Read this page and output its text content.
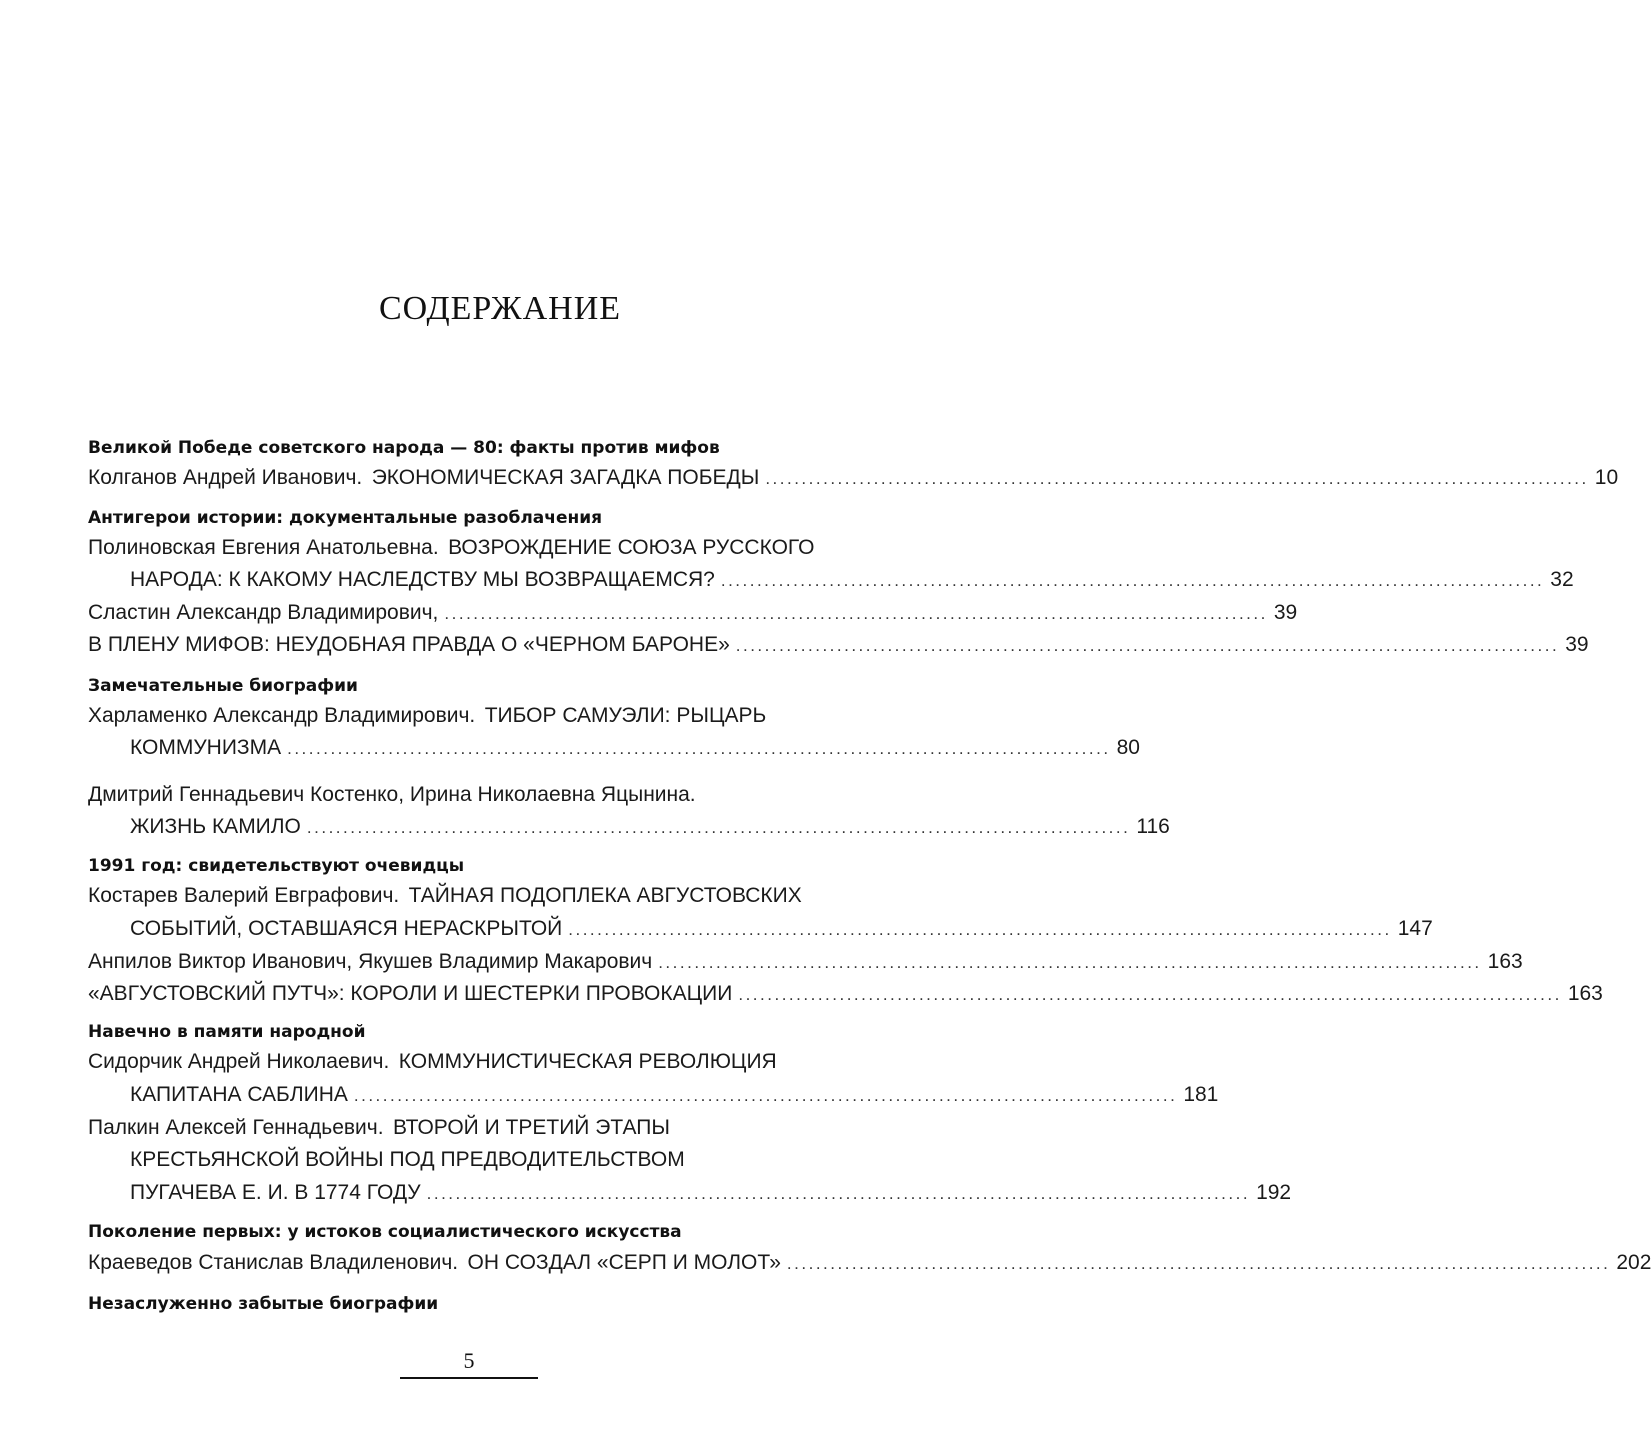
СОДЕРЖАНИЕ
Великой Победе советского народа — 80: факты против мифов
Колганов Андрей Иванович. ЭКОНОМИЧЕСКАЯ ЗАГАДКА ПОБЕДЫ .................................................................................................................. 10
Антигерои истории: документальные разоблачения
Полиновская Евгения Анатольевна. ВОЗРОЖДЕНИЕ СОЮЗА РУССКОГО
НАРОДА: К КАКОМУ НАСЛЕДСТВУ МЫ ВОЗВРАЩАЕМСЯ? .................................................................................................................. 32
Сластин Александр Владимирович, .................................................................................................................. 39
В ПЛЕНУ МИФОВ: НЕУДОБНАЯ ПРАВДА О «ЧЕРНОМ БАРОНЕ» .................................................................................................................. 39
Замечательные биографии
Харламенко Александр Владимирович. ТИБОР САМУЭЛИ: РЫЦАРЬ
КОММУНИЗМА .................................................................................................................. 80
Дмитрий Геннадьевич Костенко, Ирина Николаевна Яцынина.
ЖИЗНЬ КАМИЛО .................................................................................................................. 116
1991 год: свидетельствуют очевидцы
Костарев Валерий Евграфович. ТАЙНАЯ ПОДОПЛЕКА АВГУСТОВСКИХ
СОБЫТИЙ, ОСТАВШАЯСЯ НЕРАСКРЫТОЙ .................................................................................................................. 147
Анпилов Виктор Иванович, Якушев Владимир Макарович .................................................................................................................. 163
«АВГУСТОВСКИЙ ПУТЧ»: КОРОЛИ И ШЕСТЕРКИ ПРОВОКАЦИИ .................................................................................................................. 163
Навечно в памяти народной
Сидорчик Андрей Николаевич. КОММУНИСТИЧЕСКАЯ РЕВОЛЮЦИЯ
КАПИТАНА САБЛИНА .................................................................................................................. 181
Палкин Алексей Геннадьевич. ВТОРОЙ И ТРЕТИЙ ЭТАПЫ
КРЕСТЬЯНСКОЙ ВОЙНЫ ПОД ПРЕДВОДИТЕЛЬСТВОМ
ПУГАЧЕВА Е. И. В 1774 ГОДУ .................................................................................................................. 192
Поколение первых: у истоков социалистического искусства
Краеведов Станислав Владиленович. ОН СОЗДАЛ «СЕРП И МОЛОТ» .................................................................................................................. 202
Незаслуженно забытые биографии
5
